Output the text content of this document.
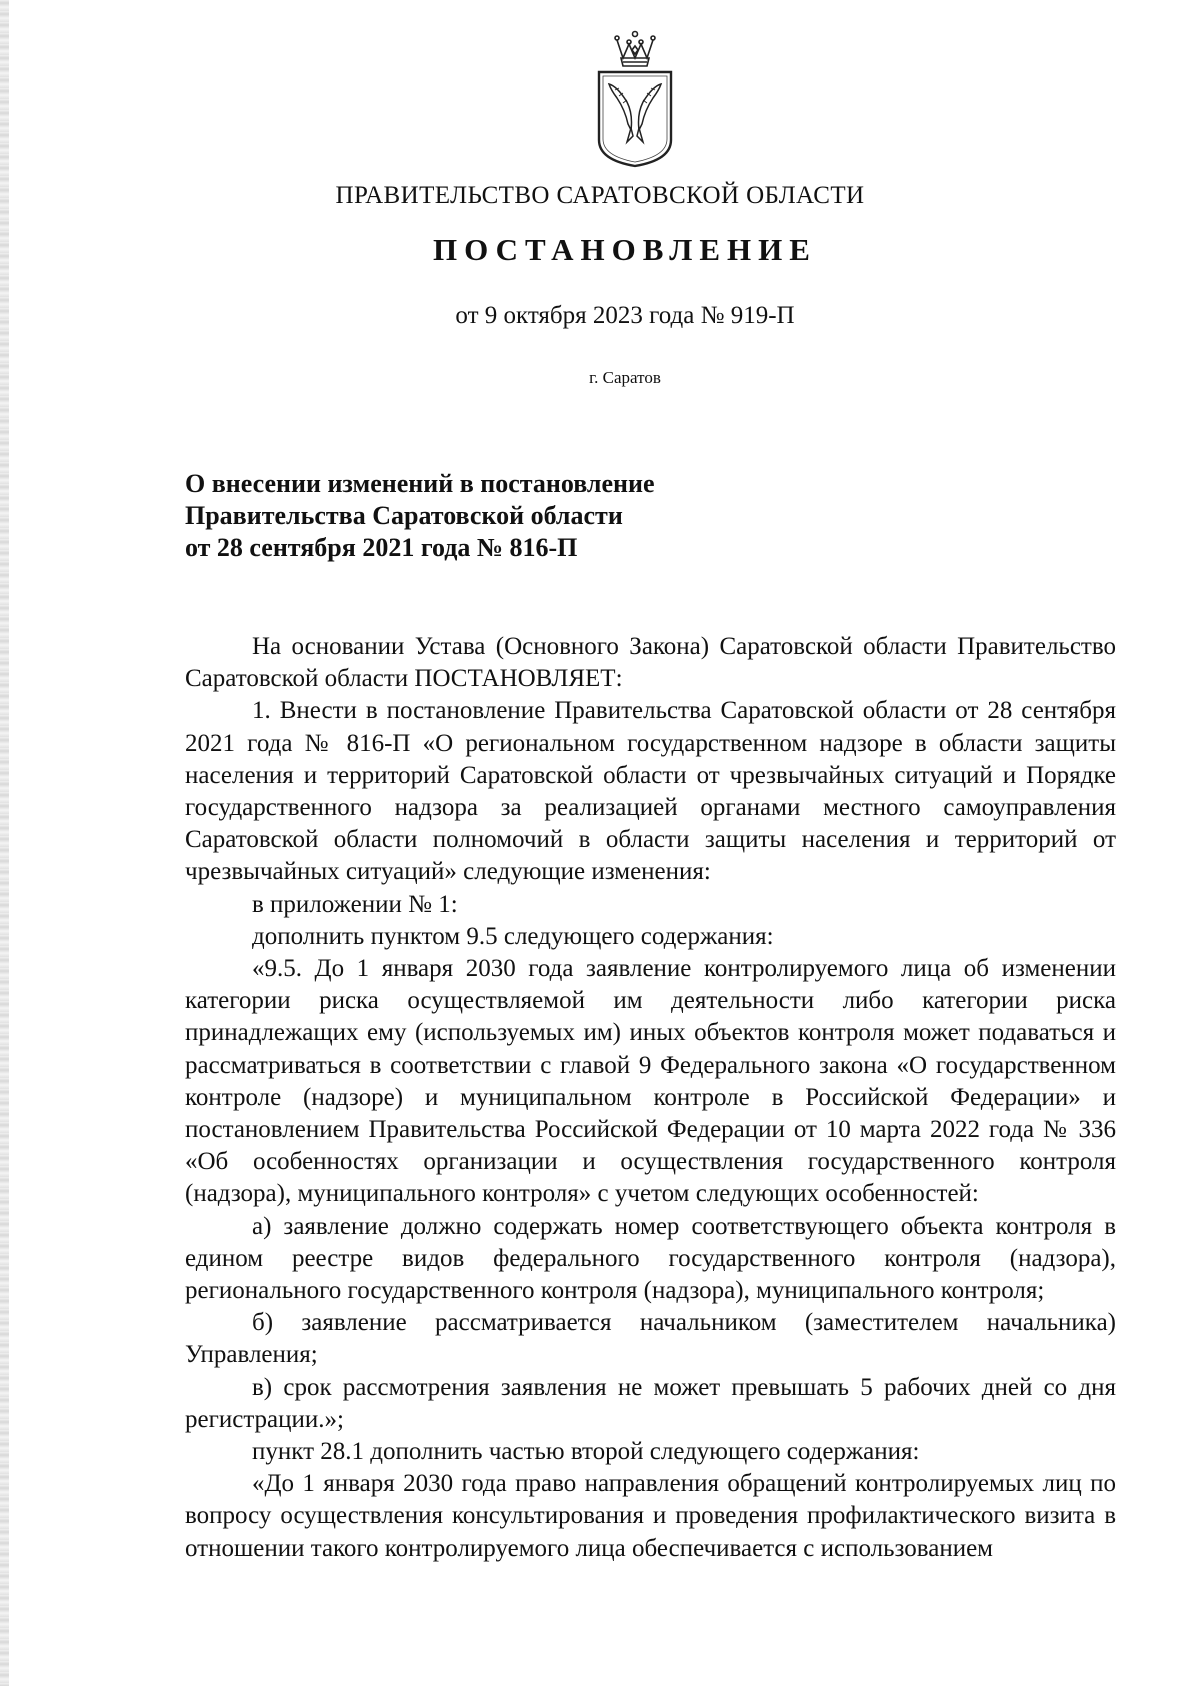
ПРАВИТЕЛЬСТВО САРАТОВСКОЙ ОБЛАСТИ
ПОСТАНОВЛЕНИЕ
от 9 октября 2023 года № 919-П
г. Саратов
О внесении изменений в постановление
Правительства Саратовской области
от 28 сентября 2021 года № 816-П

На основании Устава (Основного Закона) Саратовской области Правительство Саратовской области ПОСТАНОВЛЯЕТ:

1. Внести в постановление Правительства Саратовской области от 28 сентября 2021 года № 816-П «О региональном государственном надзоре в области защиты населения и территорий Саратовской области от чрезвычайных ситуаций и Порядке государственного надзора за реализацией органами местного самоуправления Саратовской области полномочий в области защиты населения и территорий от чрезвычайных ситуаций» следующие изменения:

в приложении № 1:

дополнить пунктом 9.5 следующего содержания:

«9.5. До 1 января 2030 года заявление контролируемого лица об изменении категории риска осуществляемой им деятельности либо категории риска принадлежащих ему (используемых им) иных объектов контроля может подаваться и рассматриваться в соответствии с главой 9 Федерального закона «О государственном контроле (надзоре) и муниципальном контроле в Российской Федерации» и постановлением Правительства Российской Федерации от 10 марта 2022 года № 336 «Об особенностях организации и осуществления государственного контроля (надзора), муниципального контроля» с учетом следующих особенностей:

а) заявление должно содержать номер соответствующего объекта контроля в едином реестре видов федерального государственного контроля (надзора), регионального государственного контроля (надзора), муниципального контроля;

б) заявление рассматривается начальником (заместителем начальника) Управления;

в) срок рассмотрения заявления не может превышать 5 рабочих дней со дня регистрации.»;

пункт 28.1 дополнить частью второй следующего содержания:

«До 1 января 2030 года право направления обращений контролируемых лиц по вопросу осуществления консультирования и проведения профилактического визита в отношении такого контролируемого лица обеспечивается с использованием
